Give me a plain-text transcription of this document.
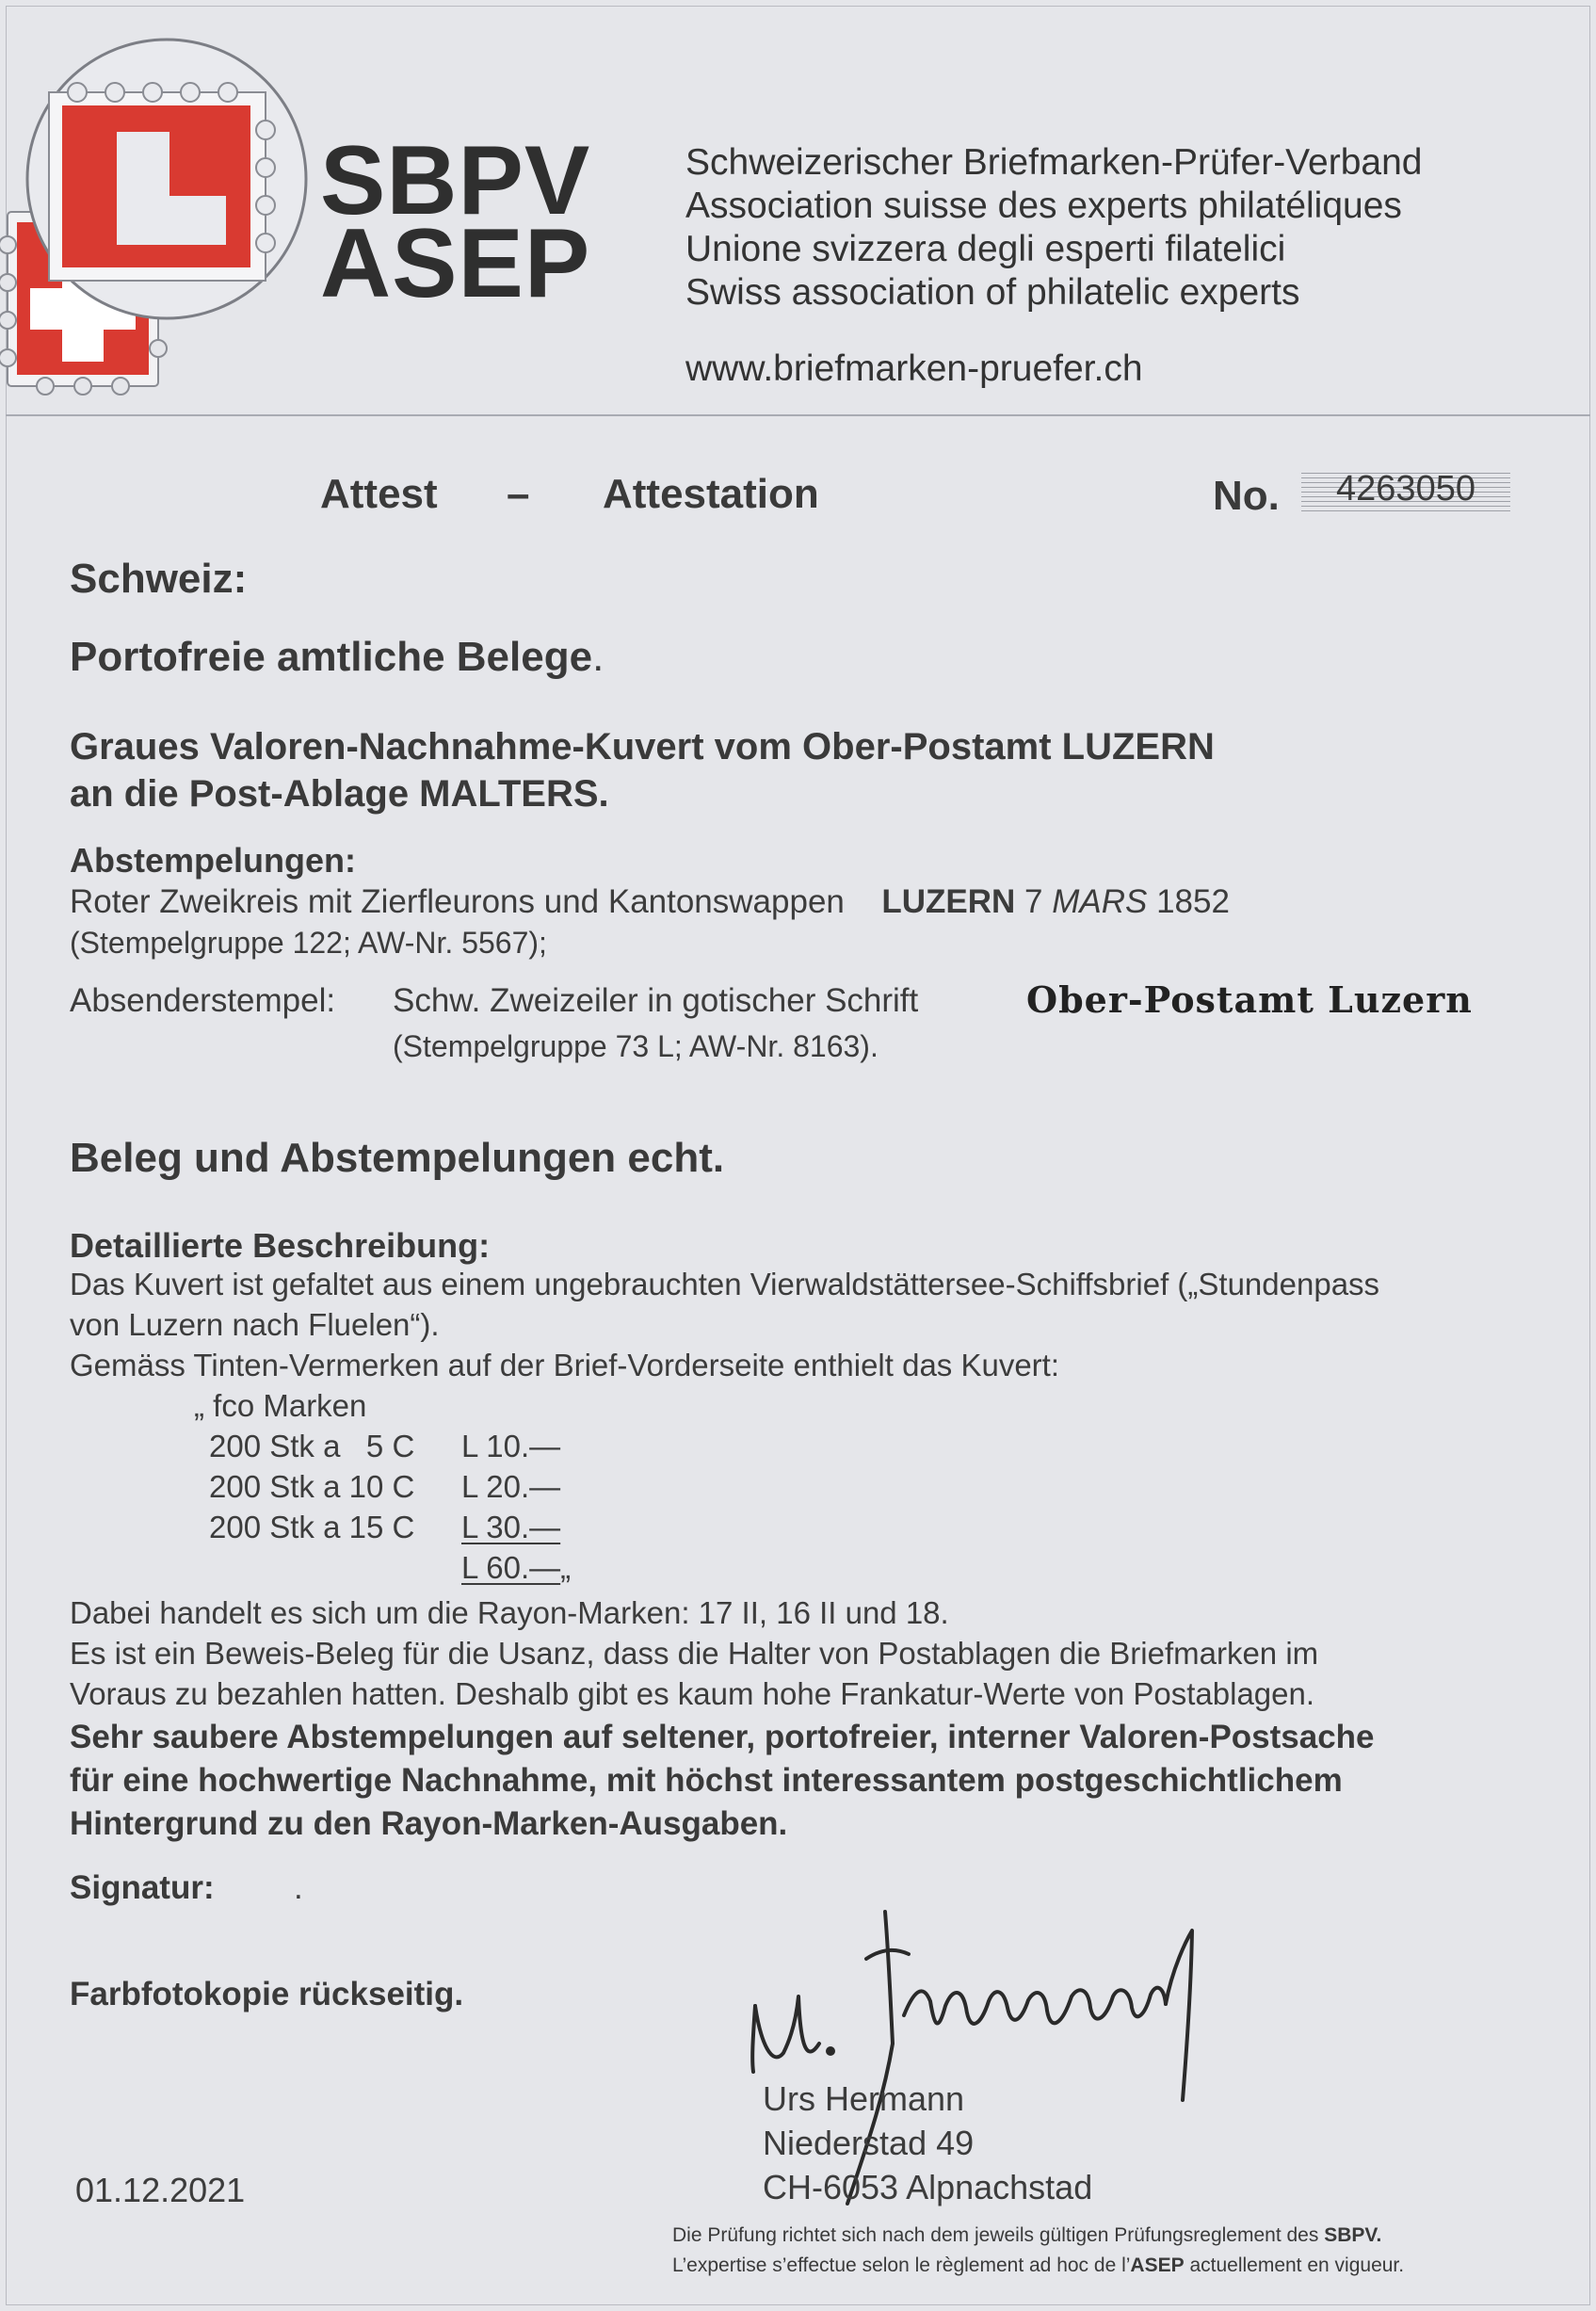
SBPV
ASEP
Schweizerischer Briefmarken-Prüfer-Verband
Association suisse des experts philatéliques
Unione svizzera degli esperti filatelici
Swiss association of philatelic experts
www.briefmarken-pruefer.ch
Attest – Attestation	No.	4263050
Schweiz:
Portofreie amtliche Belege.
Graues Valoren-Nachnahme-Kuvert vom Ober-Postamt LUZERN
an die Post-Ablage MALTERS.
Abstempelungen:
Roter Zweikreis mit Zierfleurons und Kantonswappen LUZERN 7 MARS 1852
(Stempelgruppe 122; AW-Nr. 5567);
Absenderstempel: Schw. Zweizeiler in gotischer Schrift	Ober-Postamt Luzern
(Stempelgruppe 73 L; AW-Nr. 8163).
Beleg und Abstempelungen echt.
Detaillierte Beschreibung:
Das Kuvert ist gefaltet aus einem ungebrauchten Vierwaldstättersee-Schiffsbrief („Stundenpass
von Luzern nach Fluelen“).
Gemäss Tinten-Vermerken auf der Brief-Vorderseite enthielt das Kuvert:
„ fco Marken
200 Stk a   5 C L 10.—
200 Stk a 10 C L 20.—
200 Stk a 15 C L 30.—
L 60.—„
Dabei handelt es sich um die Rayon-Marken: 17 II, 16 II und 18.
Es ist ein Beweis-Beleg für die Usanz, dass die Halter von Postablagen die Briefmarken im
Voraus zu bezahlen hatten. Deshalb gibt es kaum hohe Frankatur-Werte von Postablagen.
Sehr saubere Abstempelungen auf seltener, portofreier, interner Valoren-Postsache
für eine hochwertige Nachnahme, mit höchst interessantem postgeschichtlichem
Hintergrund zu den Rayon-Marken-Ausgaben.
Signatur: .
Farbfotokopie rückseitig.
Urs Hermann
Niederstad 49
CH-6053 Alpnachstad
01.12.2021
Die Prüfung richtet sich nach dem jeweils gültigen Prüfungsreglement des SBPV.
L’expertise s’effectue selon le règlement ad hoc de l’ASEP actuellement en vigueur.
